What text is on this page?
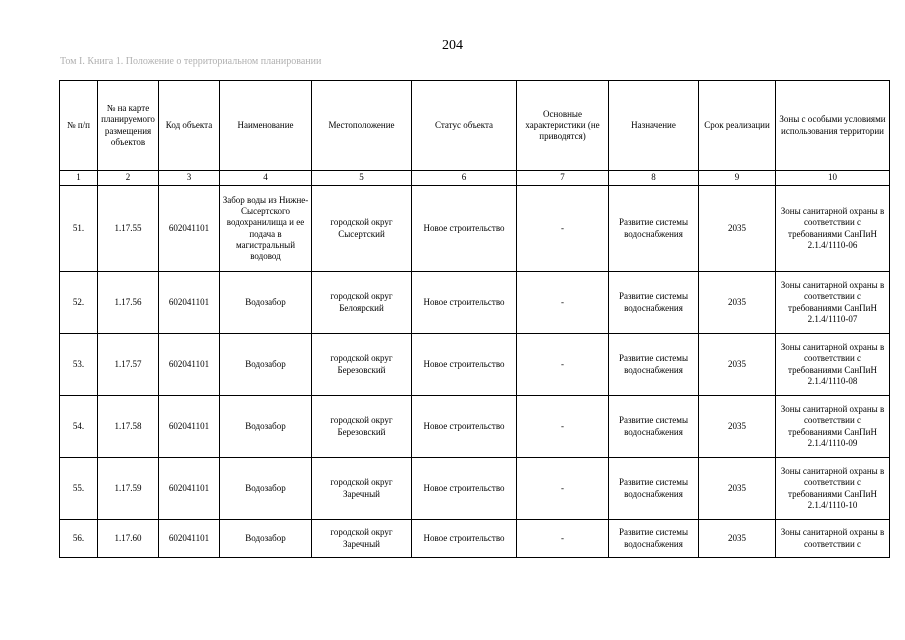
204
Том I. Книга 1. Положение о территориальном планировании
№ п/п	№ на карте планируемого размещения объектов	Код объекта	Наименование	Местоположение	Статус объекта	Основные характеристики (не приводятся)	Назначение	Срок реализации	Зоны с особыми условиями использования территории
1	2	3	4	5	6	7	8	9	10
51.	1.17.55	602041101	Забор воды из Нижне-Сысертского водохранилища и ее подача в магистральный водовод	городской округ Сысертский	Новое строительство	-	Развитие системы водоснабжения	2035	Зоны санитарной охраны в соответствии с требованиями СанПиН 2.1.4/1110-06
52.	1.17.56	602041101	Водозабор	городской округ Белоярский	Новое строительство	-	Развитие системы водоснабжения	2035	Зоны санитарной охраны в соответствии с требованиями СанПиН 2.1.4/1110-07
53.	1.17.57	602041101	Водозабор	городской округ Березовский	Новое строительство	-	Развитие системы водоснабжения	2035	Зоны санитарной охраны в соответствии с требованиями СанПиН 2.1.4/1110-08
54.	1.17.58	602041101	Водозабор	городской округ Березовский	Новое строительство	-	Развитие системы водоснабжения	2035	Зоны санитарной охраны в соответствии с требованиями СанПиН 2.1.4/1110-09
55.	1.17.59	602041101	Водозабор	городской округ Заречный	Новое строительство	-	Развитие системы водоснабжения	2035	Зоны санитарной охраны в соответствии с требованиями СанПиН 2.1.4/1110-10
56.	1.17.60	602041101	Водозабор	городской округ Заречный	Новое строительство	-	Развитие системы водоснабжения	2035	Зоны санитарной охраны в соответствии с
